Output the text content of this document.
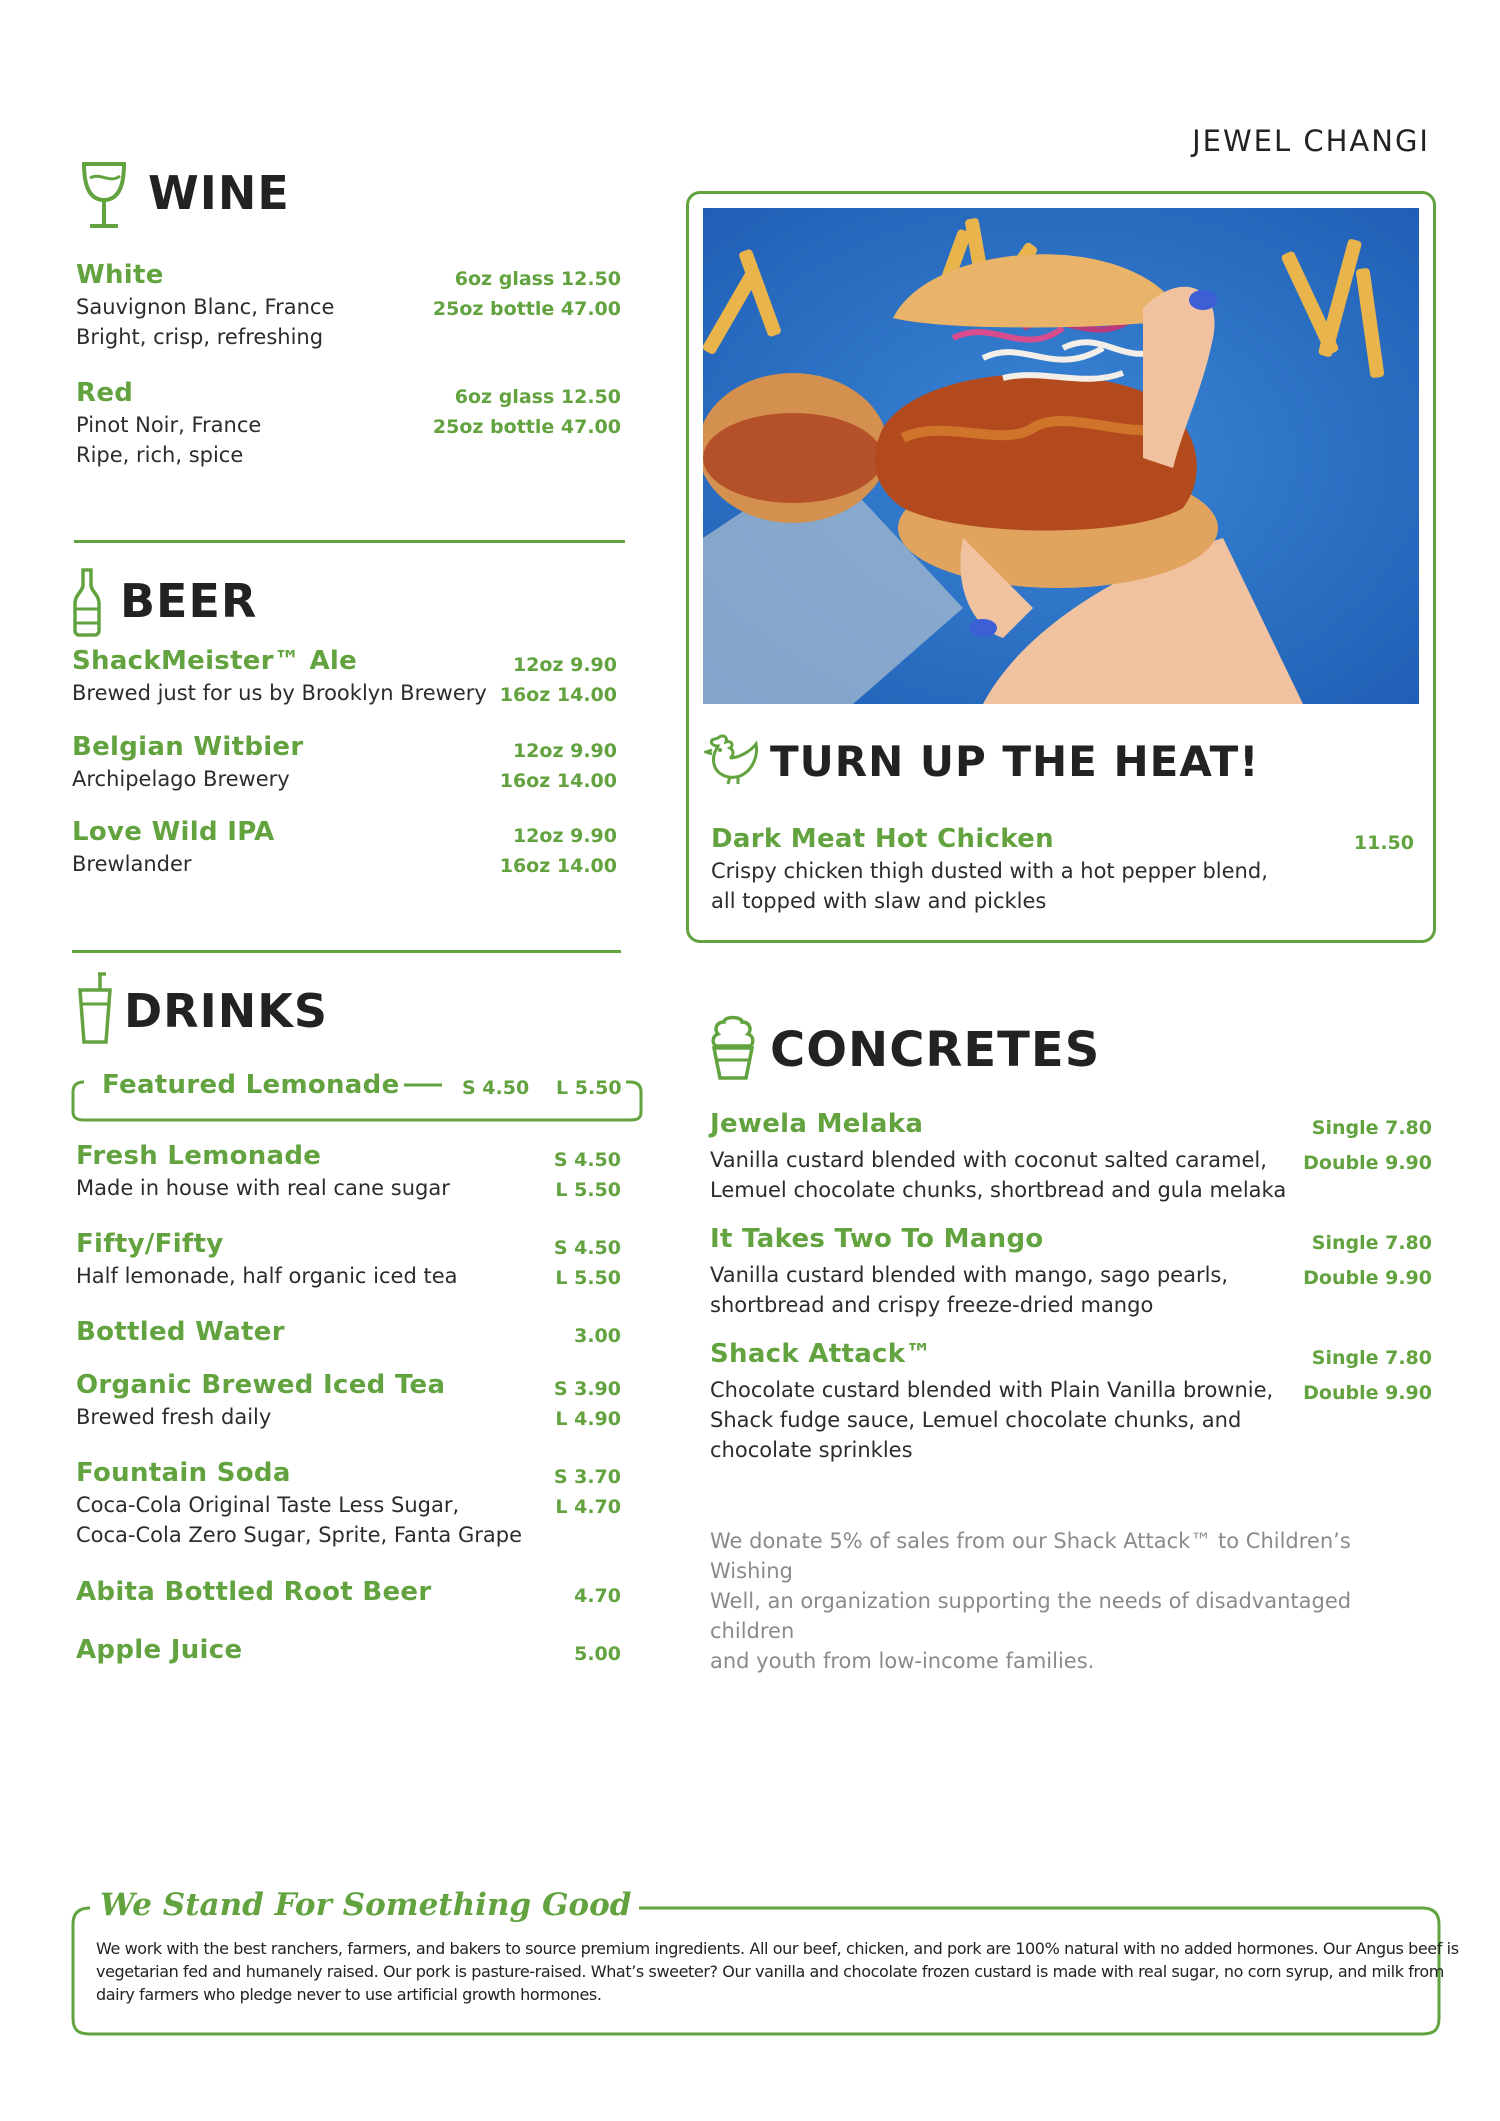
JEWEL CHANGI
WINE
White
Sauvignon Blanc, France
Bright, crisp, refreshing
6oz glass 12.50
25oz bottle 47.00
Red
Pinot Noir, France
Ripe, rich, spice
6oz glass 12.50
25oz bottle 47.00
BEER
ShackMeister™ Ale
Brewed just for us by Brooklyn Brewery
12oz 9.90
16oz 14.00
Belgian Witbier
Archipelago Brewery
12oz 9.90
16oz 14.00
Love Wild IPA
Brewlander
12oz 9.90
16oz 14.00
DRINKS
Featured Lemonade	S 4.50 L 5.50
Fresh Lemonade
Made in house with real cane sugar
S 4.50
L 5.50
Fifty/Fifty
Half lemonade, half organic iced tea
S 4.50
L 5.50
Bottled Water	3.00
Organic Brewed Iced Tea
Brewed fresh daily
S 3.90
L 4.90
Fountain Soda
Coca-Cola Original Taste Less Sugar,
Coca-Cola Zero Sugar, Sprite, Fanta Grape
S 3.70
L 4.70
Abita Bottled Root Beer	4.70
Apple Juice	5.00
TURN UP THE HEAT!
Dark Meat Hot Chicken
Crispy chicken thigh dusted with a hot pepper blend,
all topped with slaw and pickles
11.50
CONCRETES
Jewela Melaka
Vanilla custard blended with coconut salted caramel,
Lemuel chocolate chunks, shortbread and gula melaka
Single 7.80
Double 9.90
It Takes Two To Mango
Vanilla custard blended with mango, sago pearls,
shortbread and crispy freeze-dried mango
Single 7.80
Double 9.90
Shack Attack™
Chocolate custard blended with Plain Vanilla brownie,
Shack fudge sauce, Lemuel chocolate chunks, and
chocolate sprinkles
Single 7.80
Double 9.90
We donate 5% of sales from our Shack Attack™ to Children’s Wishing
Well, an organization supporting the needs of disadvantaged children
and youth from low-income families.
We Stand For Something Good
We work with the best ranchers, farmers, and bakers to source premium ingredients. All our beef, chicken, and pork are 100% natural with no added hormones. Our Angus beef is
vegetarian fed and humanely raised. Our pork is pasture-raised. What’s sweeter? Our vanilla and chocolate frozen custard is made with real sugar, no corn syrup, and milk from
dairy farmers who pledge never to use artificial growth hormones.
